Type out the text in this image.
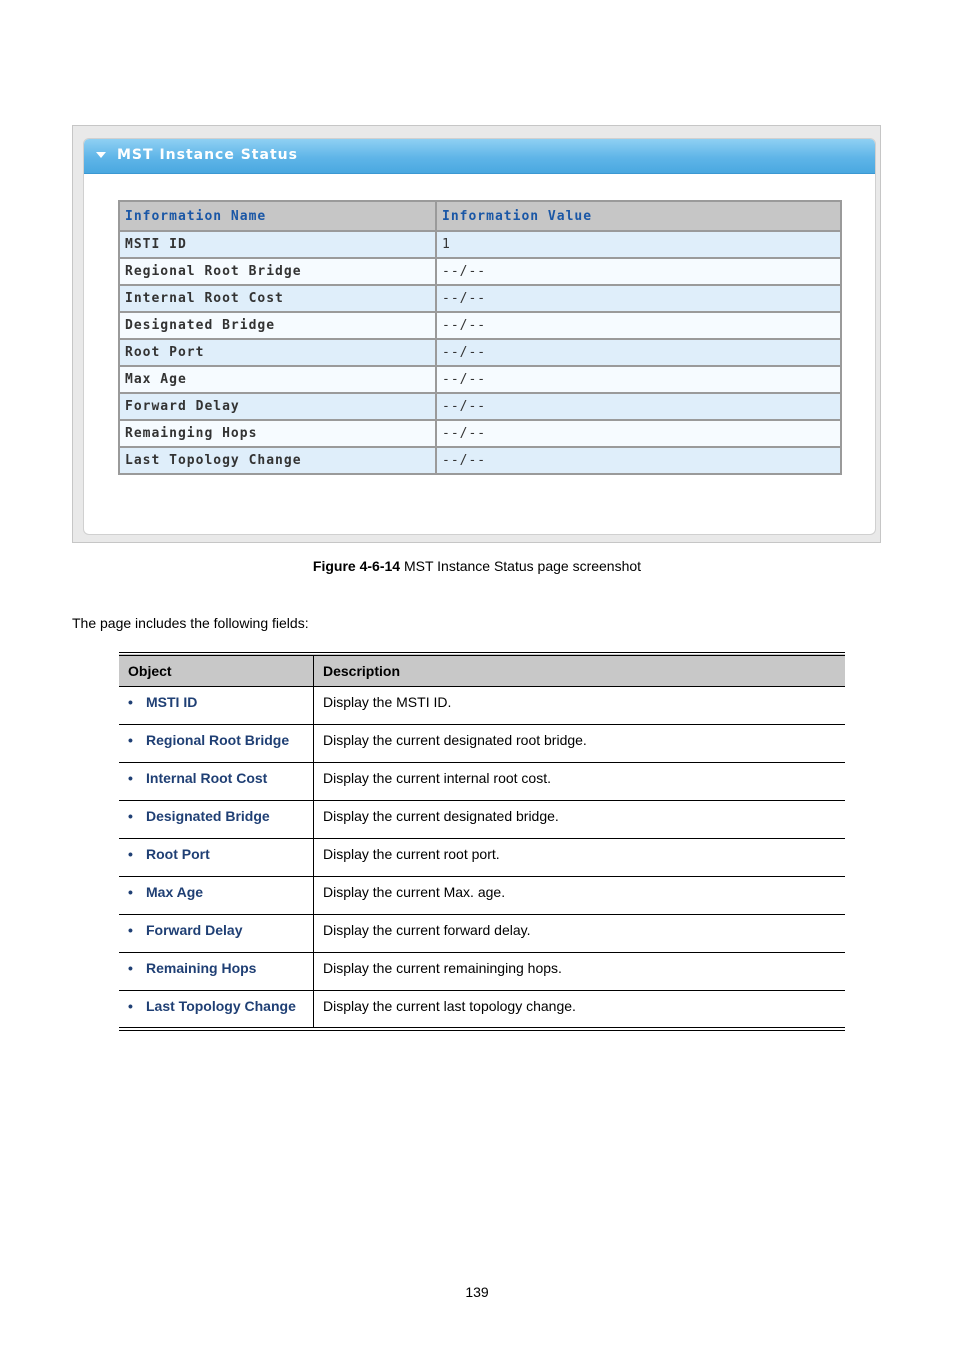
MST Instance Status
Information Name	Information Value
MSTI ID	1
Regional Root Bridge	--/--
Internal Root Cost	--/--
Designated Bridge	--/--
Root Port	--/--
Max Age	--/--
Forward Delay	--/--
Remainging Hops	--/--
Last Topology Change	--/--
Figure 4-6-14 MST Instance Status page screenshot
The page includes the following fields:
Object	Description
• MSTI ID	Display the MSTI ID.
• Regional Root Bridge	Display the current designated root bridge.
• Internal Root Cost	Display the current internal root cost.
• Designated Bridge	Display the current designated bridge.
• Root Port	Display the current root port.
• Max Age	Display the current Max. age.
• Forward Delay	Display the current forward delay.
• Remaining Hops	Display the current remaininging hops.
• Last Topology Change	Display the current last topology change.
139
